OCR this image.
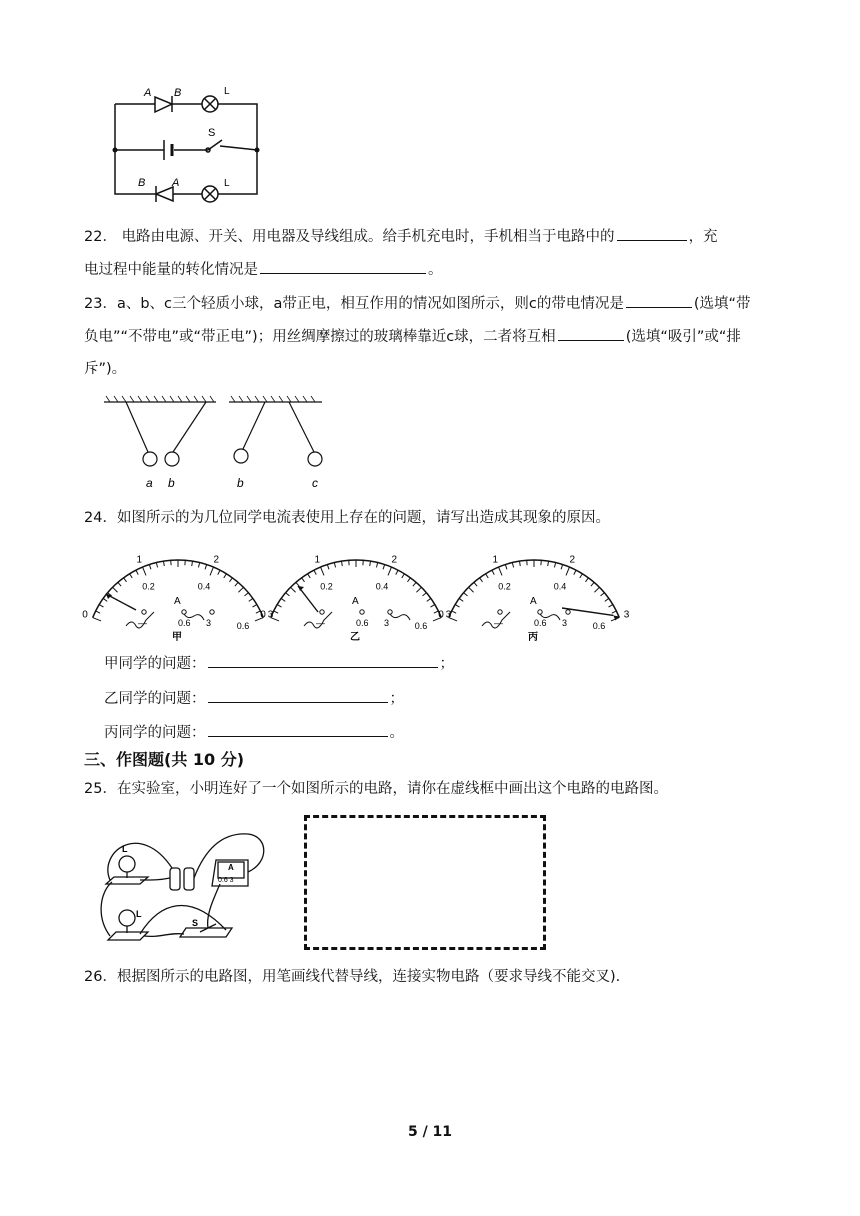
A B	L
S
B A	L
22． 电路由电源、开关、用电器及导线组成。给手机充电时，手机相当于电路中的	，充
电过程中能量的转化情况是	。
23．a、b、c三个轻质小球，a带正电，相互作用的情况如图所示，则c的带电情况是	(选填“带
负电”“不带电”或“带正电”)；用丝绸摩擦过的玻璃棒靠近c球，二者将互相	(选填“吸引”或“排
斥”)。
a b	b	c
24．如图所示的为几位同学电流表使用上存在的问题，请写出造成其现象的原因。
0
1	2
3
0.2	0.4
0.6
A
—	0.6 3
甲
0
1	2
3
0.2	0.4
0.6
A
—	0.6 3
乙
0
1	2
3
0.2	0.4
0.6
A
—	0.6 3
丙
甲同学的问题：	；
乙同学的问题：	；
丙同学的问题：	。
三、作图题(共 10 分)
25．在实验室，小明连好了一个如图所示的电路，请你在虚线框中画出这个电路的电路图。
L
L
S
A
0.6 3
26．根据图所示的电路图，用笔画线代替导线，连接实物电路（要求导线不能交叉).
5 / 11
